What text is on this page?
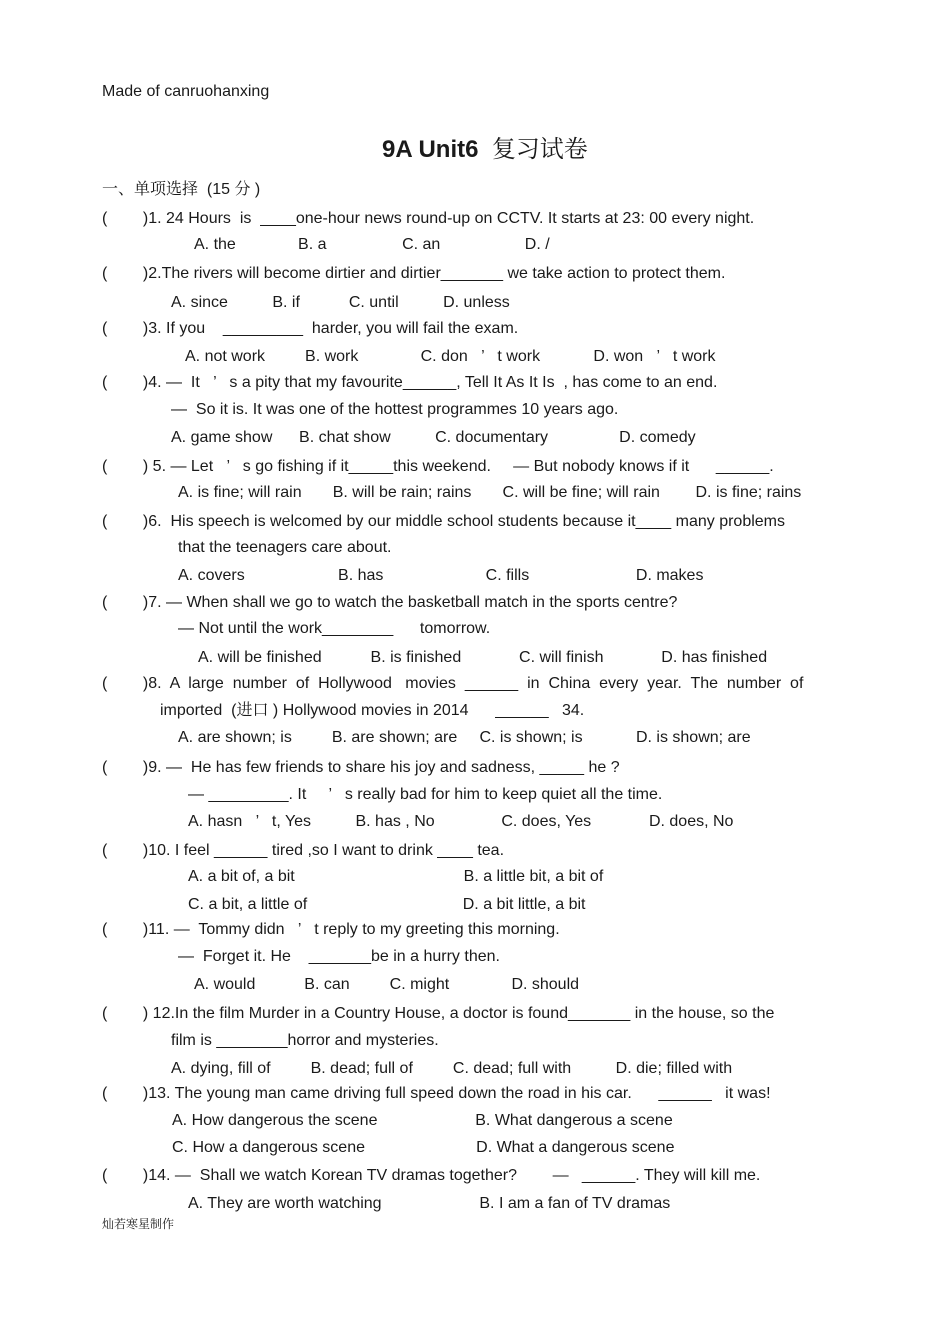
Made of canruohanxing
9A Unit6 复习试卷
一、单项选择  (15 分 )
(        )1. 24 Hours  is  ____one-hour news round-up on CCTV. It starts at 23: 00 every night.
A. the              B. a                 C. an                   D. /
(        )2.The rivers will become dirtier and dirtier_______ we take action to protect them.
A. since          B. if           C. until          D. unless
(        )3. If you    _________  harder, you will fail the exam.
A. not work         B. work              C. don   ’   t work            D. won   ’   t work
(        )4. —  It   ’   s a pity that my favourite______, Tell It As It Is  , has come to an end.
—  So it is. It was one of the hottest programmes 10 years ago.
A. game show      B. chat show          C. documentary                D. comedy
(        ) 5. — Let   ’   s go fishing if it_____this weekend.     — But nobody knows if it      ______.
A. is fine; will rain       B. will be rain; rains       C. will be fine; will rain        D. is fine; rains
(        )6.  His speech is welcomed by our middle school students because it____ many problems
that the teenagers care about.
A. covers                     B. has                       C. fills                        D. makes
(        )7. — When shall we go to watch the basketball match in the sports centre?
— Not until the work________      tomorrow.
A. will be finished           B. is finished             C. will finish             D. has finished
(        )8.  A  large  number  of  Hollywood   movies  ______  in  China  every  year.  The  number  of
imported  (进口 ) Hollywood movies in 2014      ______   34.
A. are shown; is         B. are shown; are     C. is shown; is            D. is shown; are
(        )9. —  He has few friends to share his joy and sadness, _____ he ?
— _________. It     ’   s really bad for him to keep quiet all the time.
A. hasn   ’   t, Yes          B. has , No               C. does, Yes             D. does, No
(        )10. I feel ______ tired ,so I want to drink ____ tea.
A. a bit of, a bit                                      B. a little bit, a bit of
C. a bit, a little of                                   D. a bit little, a bit
(        )11. —  Tommy didn   ’   t reply to my greeting this morning.
—  Forget it. He    _______be in a hurry then.
A. would           B. can         C. might              D. should
(        ) 12.In the film Murder in a Country House, a doctor is found_______ in the house, so the
film is ________horror and mysteries.
A. dying, fill of         B. dead; full of         C. dead; full with          D. die; filled with
(        )13. The young man came driving full speed down the road in his car.      ______   it was!
A. How dangerous the scene                      B. What dangerous a scene
C. How a dangerous scene                         D. What a dangerous scene
(        )14. —  Shall we watch Korean TV dramas together?        —   ______. They will kill me.
A. They are worth watching                      B. I am a fan of TV dramas
灿若寒星制作
